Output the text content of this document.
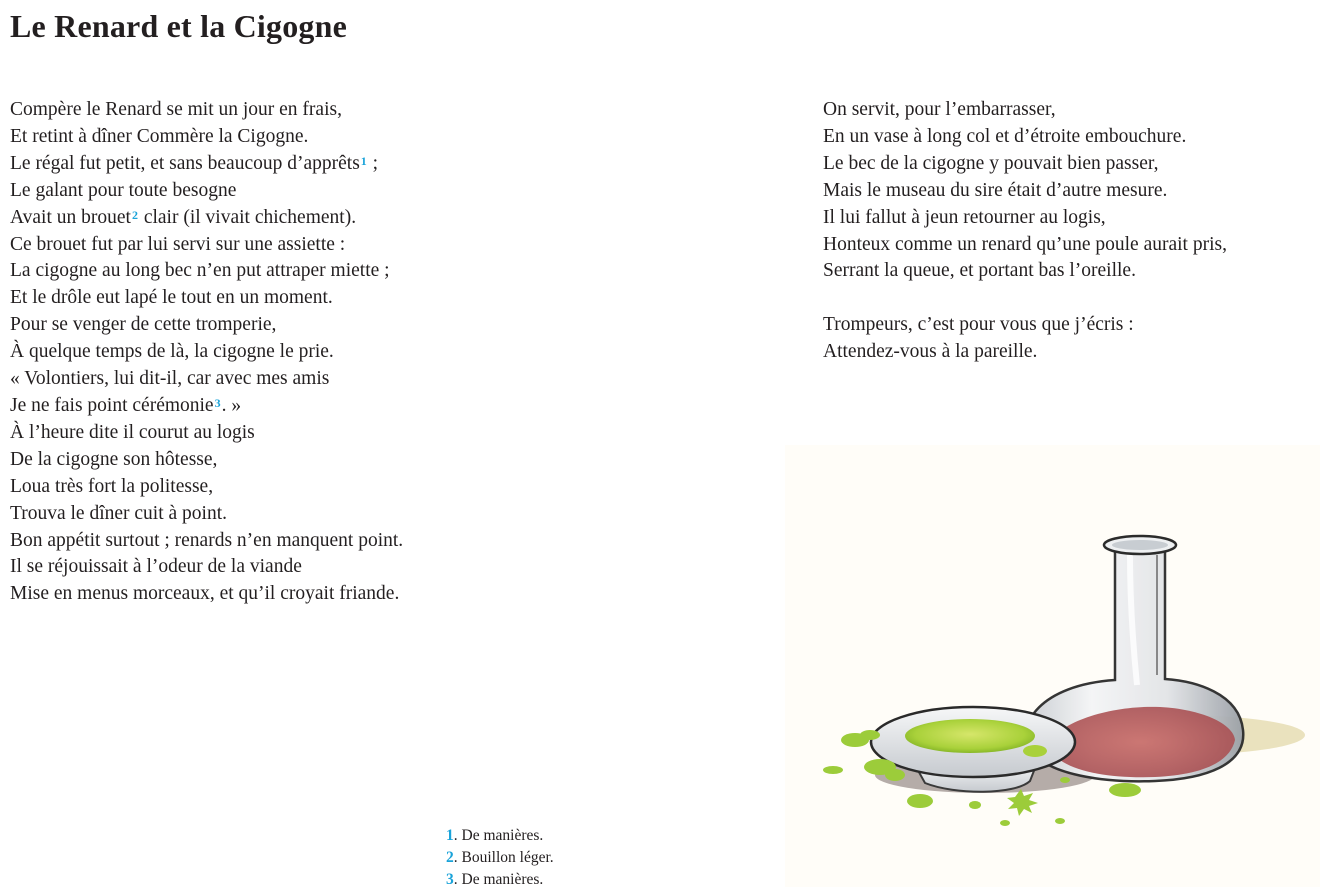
Le Renard et la Cigogne
Compère le Renard se mit un jour en frais,
Et retint à dîner Commère la Cigogne.
Le régal fut petit, et sans beaucoup d’apprêts$^1$ ;
Le galant pour toute besogne
Avait un brouet$^2$ clair (il vivait chichement).
Ce brouet fut par lui servi sur une assiette :
La cigogne au long bec n’en put attraper miette ;
Et le drôle eut lapé le tout en un moment.
Pour se venger de cette tromperie,
À quelque temps de là, la cigogne le prie.
« Volontiers, lui dit-il, car avec mes amis
Je ne fais point cérémonie$^3$. »
À l’heure dite il courut au logis
De la cigogne son hôtesse,
Loua très fort la politesse,
Trouva le dîner cuit à point.
Bon appétit surtout ; renards n’en manquent point.
Il se réjouissait à l’odeur de la viande
Mise en menus morceaux, et qu’il croyait friande.
On servit, pour l’embarrasser,
En un vase à long col et d’étroite embouchure.
Le bec de la cigogne y pouvait bien passer,
Mais le museau du sire était d’autre mesure.
Il lui fallut à jeun retourner au logis,
Honteux comme un renard qu’une poule aurait pris,
Serrant la queue, et portant bas l’oreille.
Trompeurs, c’est pour vous que j’écris :
Attendez-vous à la pareille.
1. De manières.
2. Bouillon léger.
3. De manières.
